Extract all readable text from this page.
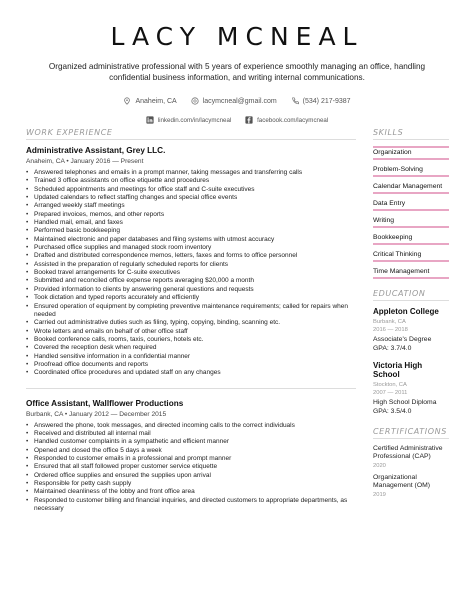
LACY MCNEAL
Organized administrative professional with 5 years of experience smoothly managing an office, handling confidential business information, and writing internal communications.
Anaheim, CA
	lacymcneal@gmail.com
	(534) 217-9387
linkedin.com/in/lacymcneal
	facebook.com/lacymcneal
WORK EXPERIENCE
Administrative Assistant, Grey LLC.
Anaheim, CA • January 2016 — Present
• Answered telephones and emails in a prompt manner, taking messages and transferring calls
• Trained 3 office assistants on office etiquette and procedures
• Scheduled appointments and meetings for office staff and C-suite executives
• Updated calendars to reflect staffing changes and special office events
• Arranged weekly staff meetings
• Prepared invoices, memos, and other reports
• Handled mail, email, and faxes
• Performed basic bookkeeping
• Maintained electronic and paper databases and filing systems with utmost accuracy
• Purchased office supplies and managed stock room inventory
• Drafted and distributed correspondence memos, letters, faxes and forms to office personnel
• Assisted in the preparation of regularly scheduled reports for clients
• Booked travel arrangements for C-suite executives
• Submitted and reconciled office expense reports averaging $20,000 a month
• Provided information to clients by answering general questions and requests
• Took dictation and typed reports accurately and efficiently
• Ensured operation of equipment by completing preventive maintenance requirements; called for repairs when needed
• Carried out administrative duties such as filing, typing, copying, binding, scanning etc.
• Wrote letters and emails on behalf of other office staff
• Booked conference calls, rooms, taxis, couriers, hotels etc.
• Covered the reception desk when required
• Handled sensitive information in a confidential manner
• Proofread office documents and reports
• Coordinated office procedures and updated staff on any changes
Office Assistant, Wallflower Productions
Burbank, CA • January 2012 — December 2015
• Answered the phone, took messages, and directed incoming calls to the correct individuals
• Received and distributed all internal mail
• Handled customer complaints in a sympathetic and efficient manner
• Opened and closed the office 5 days a week
• Responded to customer emails in a professional and prompt manner
• Ensured that all staff followed proper customer service etiquette
• Ordered office supplies and ensured the supplies upon arrival
• Responsible for petty cash supply
• Maintained cleanliness of the lobby and front office area
• Responded to customer billing and financial inquiries, and directed customers to appropriate departments, as necessary
SKILLS
Organization
Problem-Solving
Calendar Management
Data Entry
Writing
Bookkeeping
Critical Thinking
Time Management
EDUCATION
Appleton College
Burbank, CA
2016 — 2018
Associate's Degree
GPA: 3.7/4.0
Victoria High School
Stockton, CA
2007 — 2011
High School Diploma
GPA: 3.5/4.0
CERTIFICATIONS
Certified Administrative Professional (CAP)
2020
Organizational Management (OM)
2019
